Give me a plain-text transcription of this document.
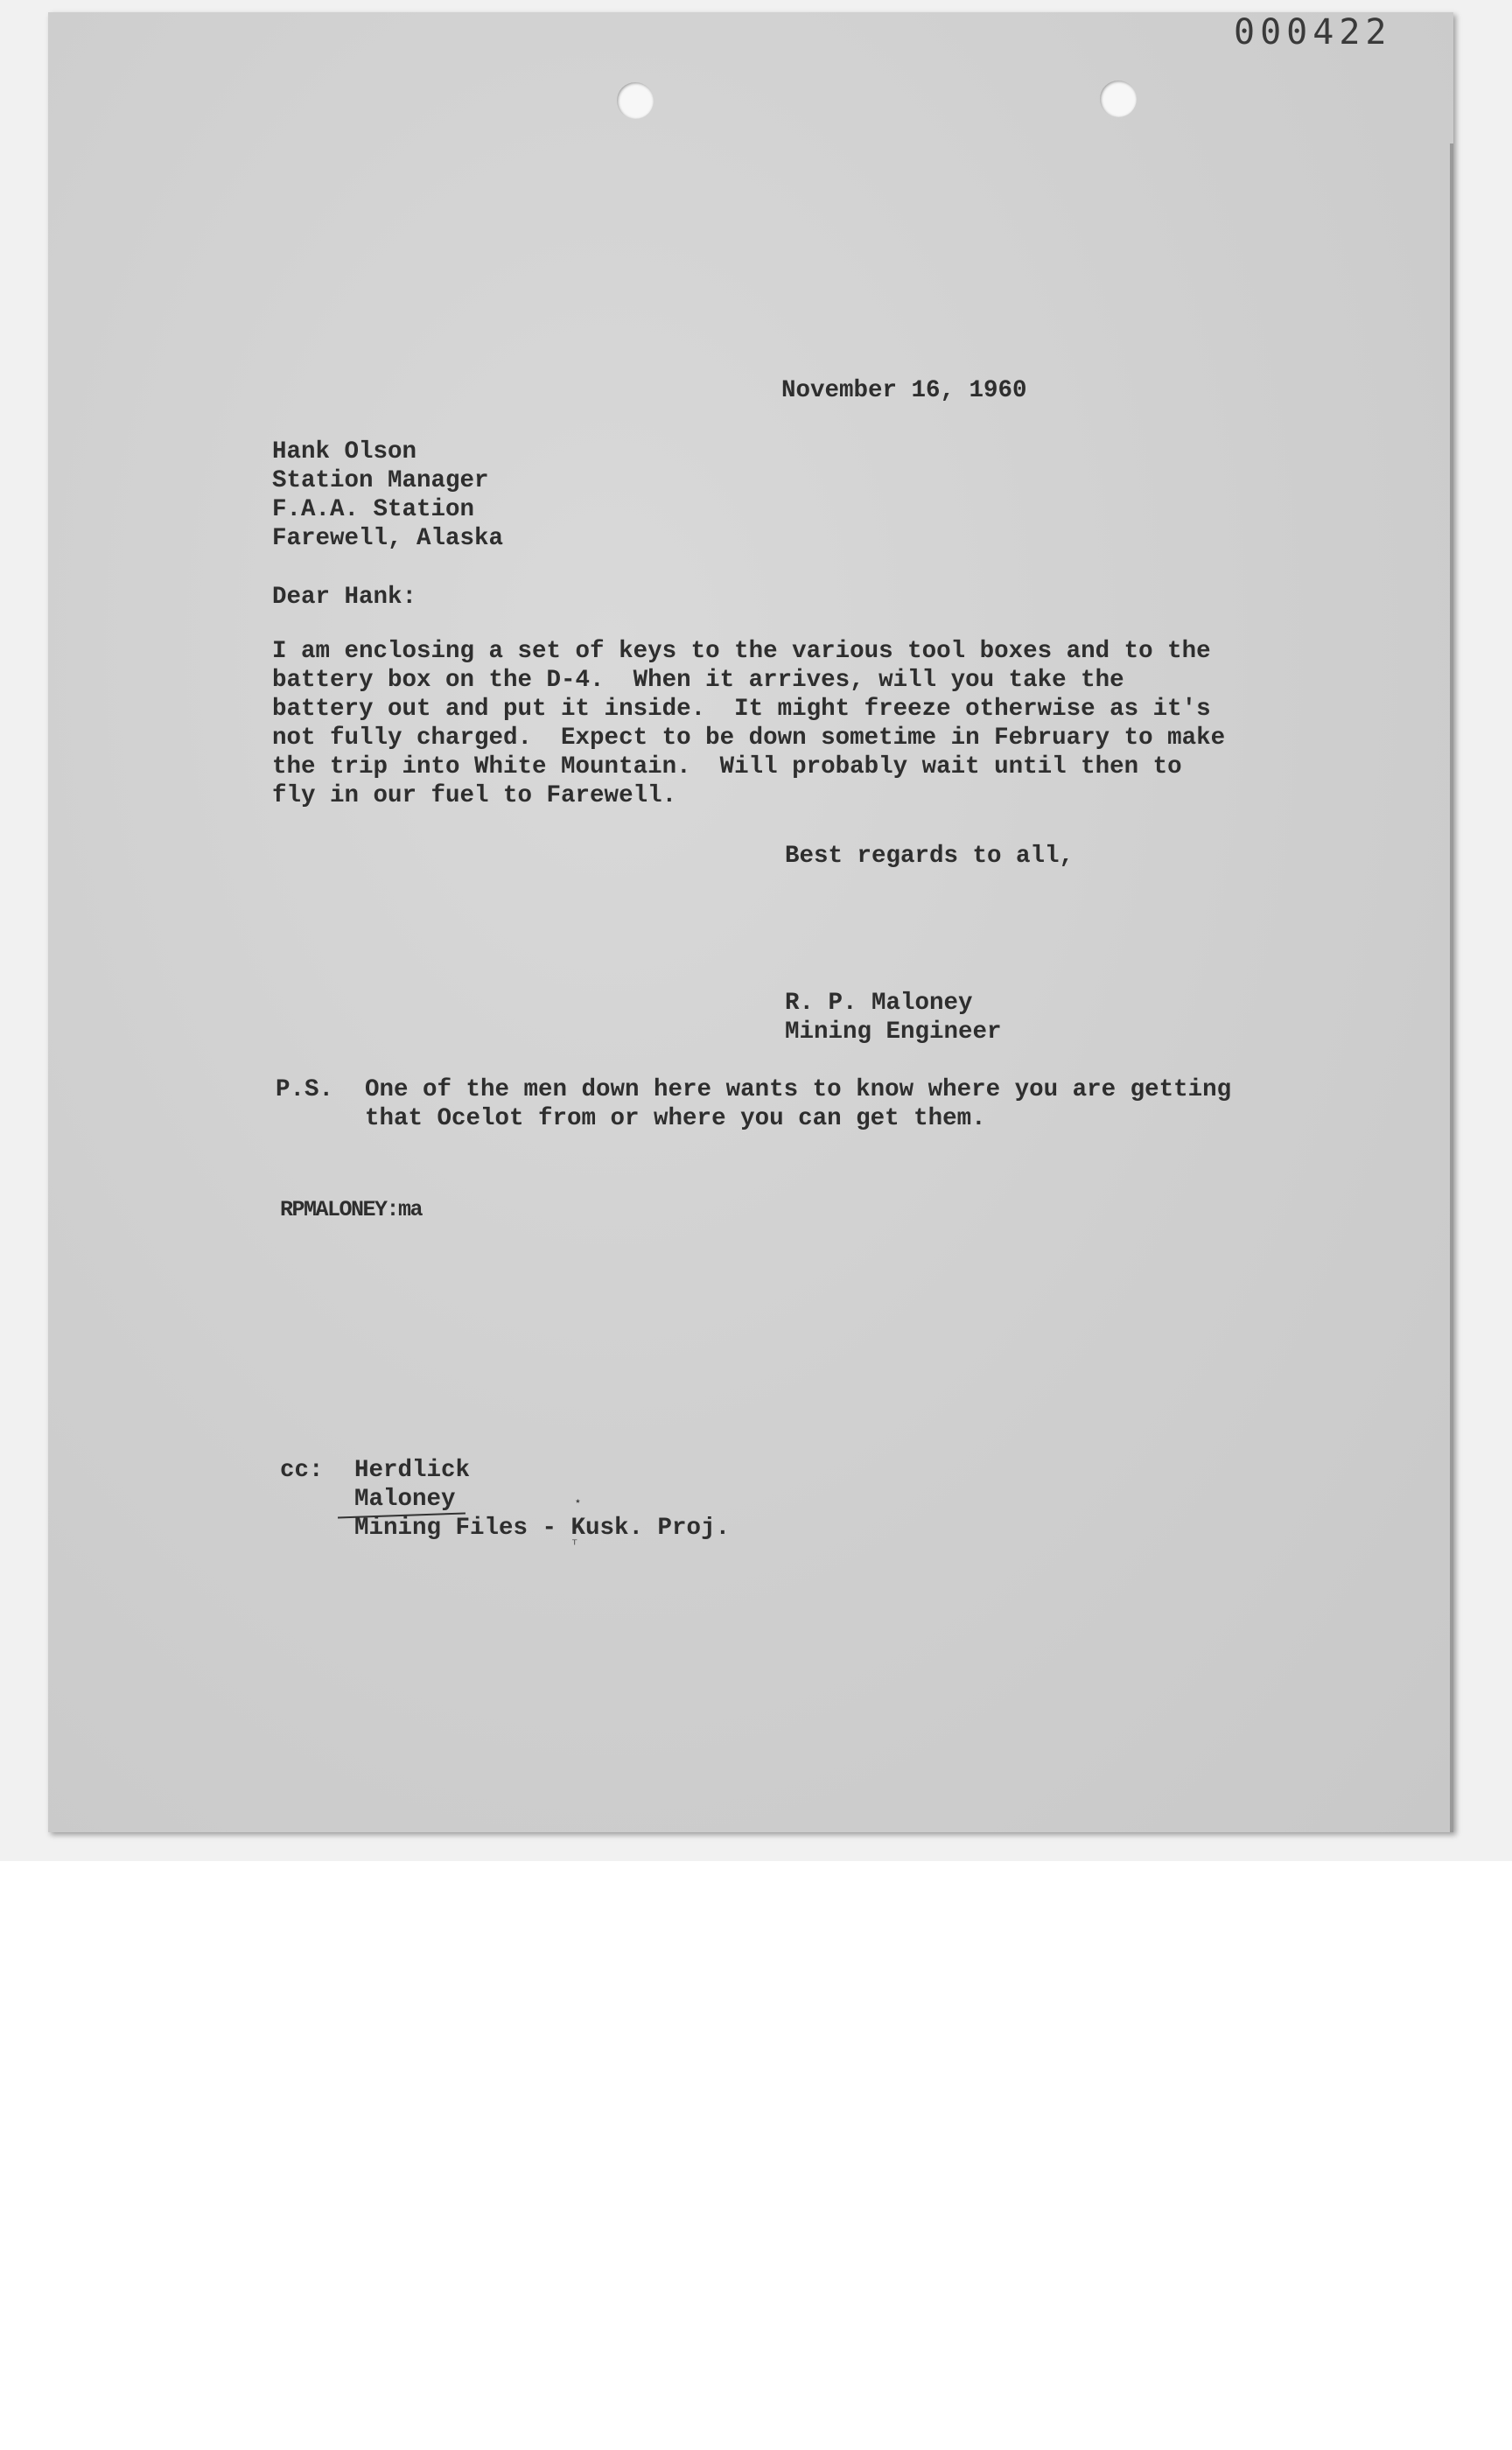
000422

November 16, 1960

Hank Olson
Station Manager
F.A.A. Station
Farewell, Alaska

Dear Hank:

I am enclosing a set of keys to the various tool boxes and to the
battery box on the D-4.  When it arrives, will you take the
battery out and put it inside.  It might freeze otherwise as it's
not fully charged.  Expect to be down sometime in February to make
the trip into White Mountain.  Will probably wait until then to
fly in our fuel to Farewell.

Best regards to all,

R. P. Maloney
Mining Engineer

P.S. One of the men down here wants to know where you are getting
that Ocelot from or where you can get them.

RPMALONEY:ma

cc: Herdlick
Maloney
Mining Files - Kusk. Proj.
⋆
ᵀ
